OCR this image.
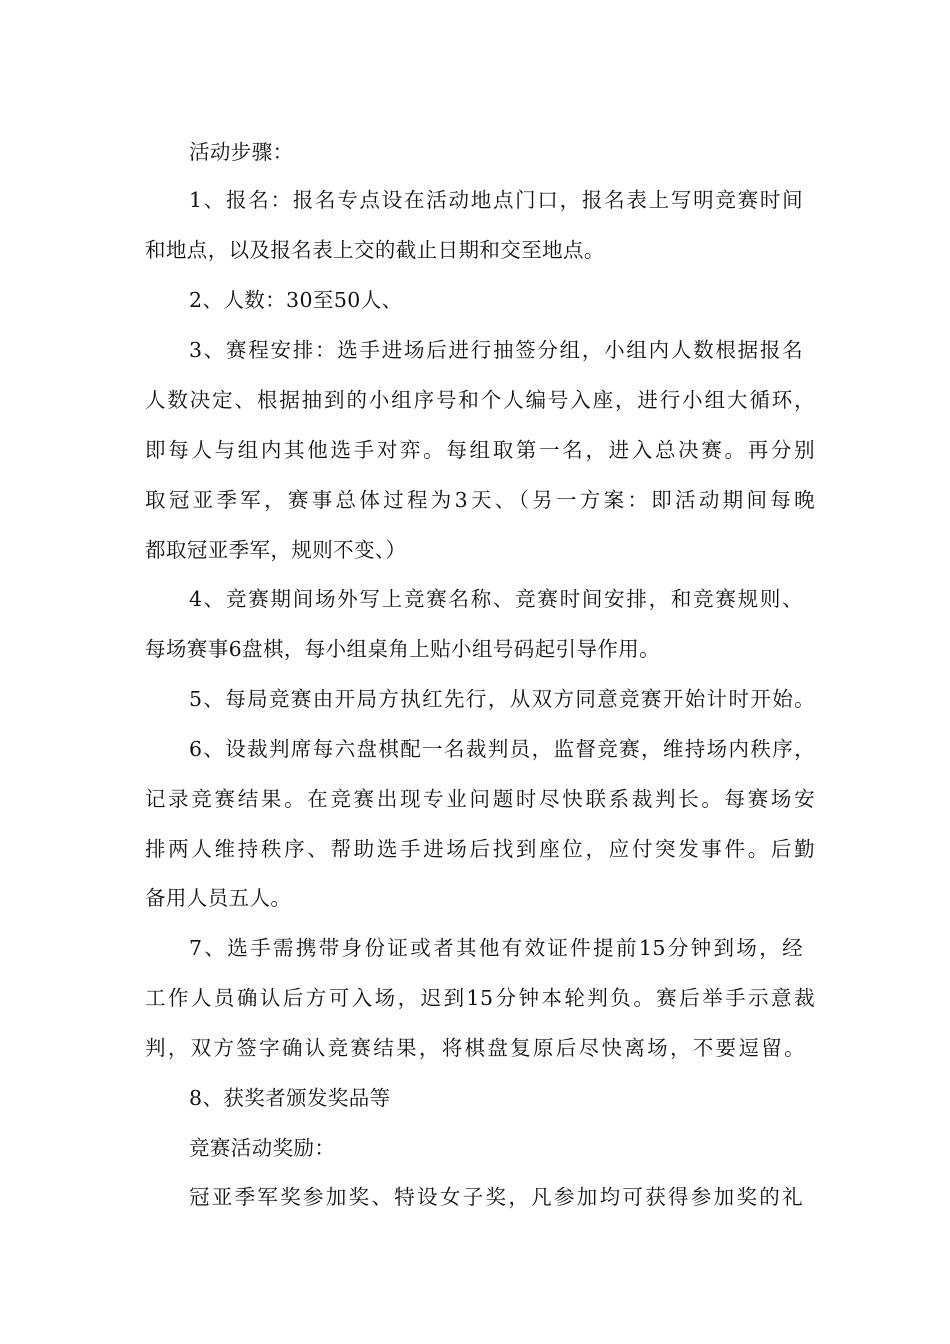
活动步骤：
1、报名：报名专点设在活动地点门口，报名表上写明竞赛时间
和地点，以及报名表上交的截止日期和交至地点。
2、人数：30至50人、
3、赛程安排：选手进场后进行抽签分组，小组内人数根据报名
人数决定、根据抽到的小组序号和个人编号入座，进行小组大循环，
即每人与组内其他选手对弈。每组取第一名，进入总决赛。再分别
取冠亚季军，赛事总体过程为3天、（另一方案：即活动期间每晚
都取冠亚季军，规则不变、）
4、竞赛期间场外写上竞赛名称、竞赛时间安排，和竞赛规则、
每场赛事6盘棋，每小组桌角上贴小组号码起引导作用。
5、每局竞赛由开局方执红先行，从双方同意竞赛开始计时开始。
6、设裁判席每六盘棋配一名裁判员，监督竞赛，维持场内秩序，
记录竞赛结果。在竞赛出现专业问题时尽快联系裁判长。每赛场安
排两人维持秩序、帮助选手进场后找到座位，应付突发事件。后勤
备用人员五人。
7、选手需携带身份证或者其他有效证件提前15分钟到场，经
工作人员确认后方可入场，迟到15分钟本轮判负。赛后举手示意裁
判，双方签字确认竞赛结果，将棋盘复原后尽快离场，不要逗留。
8、获奖者颁发奖品等
竞赛活动奖励：
冠亚季军奖参加奖、特设女子奖，凡参加均可获得参加奖的礼
